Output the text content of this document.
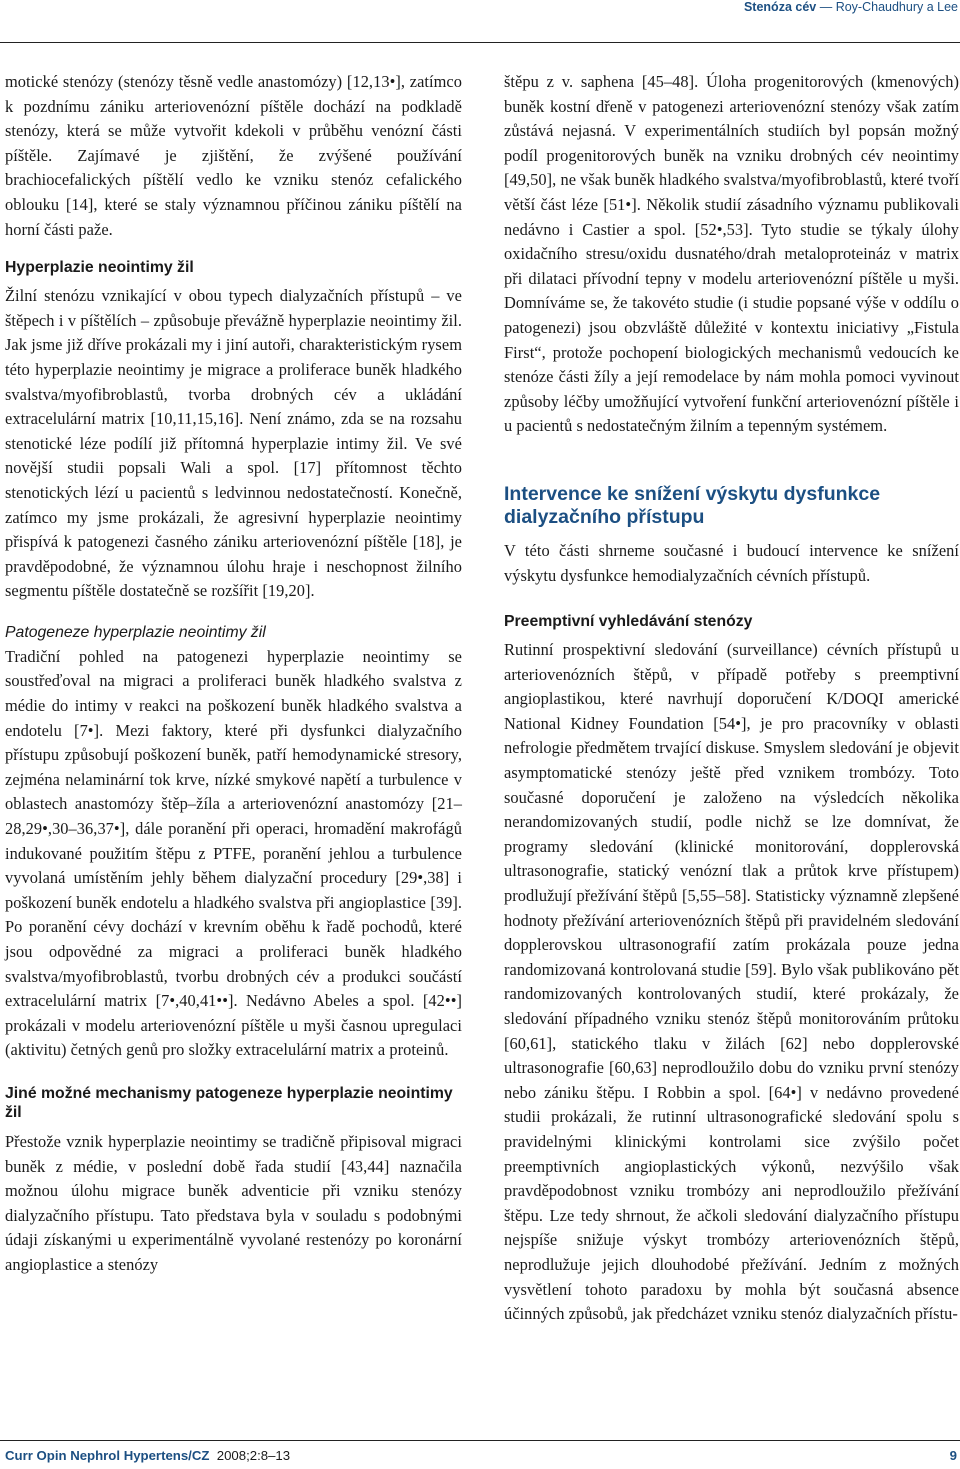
Stenóza cév — Roy-Chaudhury a Lee

motické stenózy (stenózy těsně vedle anastomózy) [12,13•], zatímco k pozdnímu zániku arteriovenózní píštěle dochází na podkladě stenózy, která se může vytvořit kdekoli v průběhu venózní části píštěle. Zajímavé je zjištění, že zvýšené používání brachiocefalických píštělí vedlo ke vzniku stenóz cefalického oblouku [14], které se staly významnou příčinou zániku píštělí na horní části paže.

Hyperplazie neointimy žil

Žilní stenózu vznikající v obou typech dialyzačních přístupů – ve štěpech i v píštělích – způsobuje převážně hyperplazie neointimy žil. Jak jsme již dříve prokázali my i jiní autoři, charakteristickým rysem této hyperplazie neointimy je migrace a proliferace buněk hladkého svalstva/myofibroblastů, tvorba drobných cév a ukládání extracelulární matrix [10,11,15,16]. Není známo, zda se na rozsahu stenotické léze podílí již přítomná hyperplazie intimy žil. Ve své novější studii popsali Wali a spol. [17] přítomnost těchto stenotických lézí u pacientů s ledvinnou nedostatečností. Konečně, zatímco my jsme prokázali, že agresivní hyperplazie neointimy přispívá k patogenezi časného zániku arteriovenózní píštěle [18], je pravděpodobné, že významnou úlohu hraje i neschopnost žilního segmentu píštěle dostatečně se rozšířit [19,20].

Patogeneze hyperplazie neointimy žil

Tradiční pohled na patogenezi hyperplazie neointimy se soustřeďoval na migraci a proliferaci buněk hladkého svalstva z médie do intimy v reakci na poškození buněk hladkého svalstva a endotelu [7•]. Mezi faktory, které při dysfunkci dialyzačního přístupu způsobují poškození buněk, patří hemodynamické stresory, zejména nelaminární tok krve, nízké smykové napětí a turbulence v oblastech anastomózy štěp–žíla a arteriovenózní anastomózy [21–28,29•,30–36,37•], dále poranění při operaci, hromadění makrofágů indukované použitím štěpu z PTFE, poranění jehlou a turbulence vyvolaná umístěním jehly během dialyzační procedury [29•,38] i poškození buněk endotelu a hladkého svalstva při angioplastice [39]. Po poranění cévy dochází v krevním oběhu k řadě pochodů, které jsou odpovědné za migraci a proliferaci buněk hladkého svalstva/myofibroblastů, tvorbu drobných cév a produkci součástí extracelulární matrix [7•,40,41••]. Nedávno Abeles a spol. [42••] prokázali v modelu arteriovenózní píštěle u myši časnou upregulaci (aktivitu) četných genů pro složky extracelulární matrix a proteinů.

Jiné možné mechanismy patogeneze hyperplazie neointimy žil

Přestože vznik hyperplazie neointimy se tradičně připisoval migraci buněk z médie, v poslední době řada studií [43,44] naznačila možnou úlohu migrace buněk adventicie při vzniku stenózy dialyzačního přístupu. Tato představa byla v souladu s podobnými údaji získanými u experimentálně vyvolané restenózy po koronární angioplastice a stenózy

štěpu z v. saphena [45–48]. Úloha progenitorových (kmenových) buněk kostní dřeně v patogenezi arteriovenózní stenózy však zatím zůstává nejasná. V experimentálních studiích byl popsán možný podíl progenitorových buněk na vzniku drobných cév neointimy [49,50], ne však buněk hladkého svalstva/myofibroblastů, které tvoří větší část léze [51•]. Několik studií zásadního významu publikovali nedávno i Castier a spol. [52•,53]. Tyto studie se týkaly úlohy oxidačního stresu/oxidu dusnatého/drah metaloproteináz v matrix při dilataci přívodní tepny v modelu arteriovenózní píštěle u myši. Domníváme se, že takovéto studie (i studie popsané výše v oddílu o patogenezi) jsou obzvláště důležité v kontextu iniciativy „Fistula First“, protože pochopení biologických mechanismů vedoucích ke stenóze části žíly a její remodelace by nám mohla pomoci vyvinout způsoby léčby umožňující vytvoření funkční arteriovenózní píštěle i u pacientů s nedostatečným žilním a tepenným systémem.

Intervence ke snížení výskytu dysfunkce dialyzačního přístupu

V této části shrneme současné i budoucí intervence ke snížení výskytu dysfunkce hemodialyzačních cévních přístupů.

Preemptivní vyhledávání stenózy

Rutinní prospektivní sledování (surveillance) cévních přístupů u arteriovenózních štěpů, v případě potřeby s preemptivní angioplastikou, které navrhují doporučení K/DOQI americké National Kidney Foundation [54•], je pro pracovníky v oblasti nefrologie předmětem trvající diskuse. Smyslem sledování je objevit asymptomatické stenózy ještě před vznikem trombózy. Toto současné doporučení je založeno na výsledcích několika nerandomizovaných studií, podle nichž se lze domnívat, že programy sledování (klinické monitorování, dopplerovská ultrasonografie, statický venózní tlak a průtok krve přístupem) prodlužují přežívání štěpů [5,55–58]. Statisticky významně zlepšené hodnoty přežívání arteriovenózních štěpů při pravidelném sledování dopplerovskou ultrasonografií zatím prokázala pouze jedna randomizovaná kontrolovaná studie [59]. Bylo však publikováno pět randomizovaných kontrolovaných studií, které prokázaly, že sledování případného vzniku stenóz štěpů monitorováním průtoku [60,61], statického tlaku v žilách [62] nebo dopplerovské ultrasonografie [60,63] neprodloužilo dobu do vzniku první stenózy nebo zániku štěpu. I Robbin a spol. [64•] v nedávno provedené studii prokázali, že rutinní ultrasonografické sledování spolu s pravidelnými klinickými kontrolami sice zvýšilo počet preemptivních angioplastických výkonů, nezvýšilo však pravděpodobnost vzniku trombózy ani neprodloužilo přežívání štěpu. Lze tedy shrnout, že ačkoli sledování dialyzačního přístupu nejspíše snižuje výskyt trombózy arteriovenózních štěpů, neprodlužuje jejich dlouhodobé přežívání. Jedním z možných vysvětlení tohoto paradoxu by mohla být současná absence účinných způsobů, jak předcházet vzniku stenóz dialyzačních přístu-

Curr Opin Nephrol Hypertens/CZ 2008;2:8–13	9
